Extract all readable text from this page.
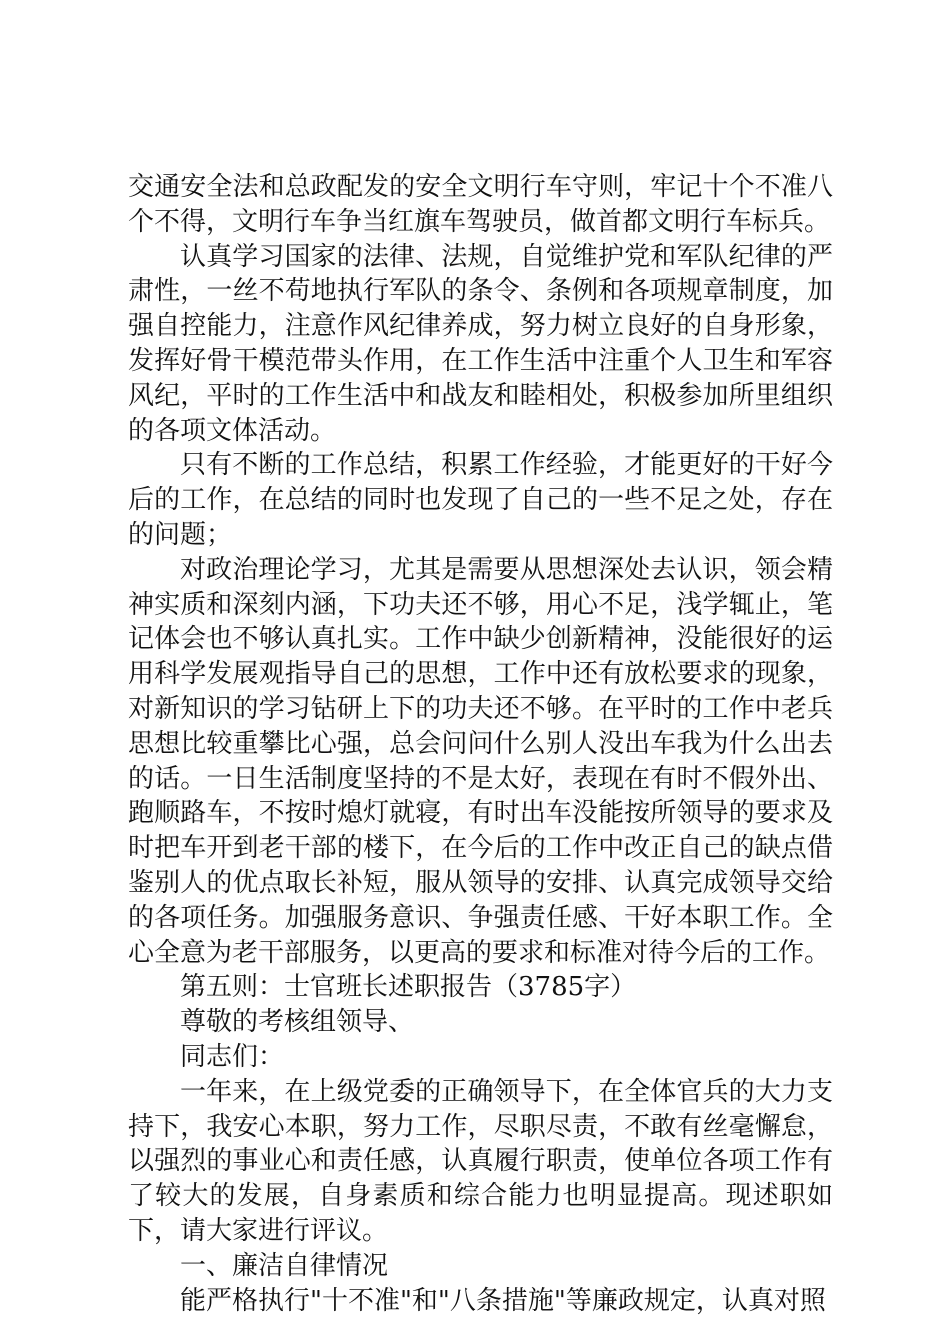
交通安全法和总政配发的安全文明行车守则，牢记十个不准八个不得，文明行车争当红旗车驾驶员，做首都文明行车标兵。

认真学习国家的法律、法规，自觉维护党和军队纪律的严肃性，一丝不苟地执行军队的条令、条例和各项规章制度，加强自控能力，注意作风纪律养成，努力树立良好的自身形象，发挥好骨干模范带头作用，在工作生活中注重个人卫生和军容风纪，平时的工作生活中和战友和睦相处，积极参加所里组织的各项文体活动。

只有不断的工作总结，积累工作经验，才能更好的干好今后的工作，在总结的同时也发现了自己的一些不足之处，存在的问题；

对政治理论学习，尤其是需要从思想深处去认识，领会精神实质和深刻内涵，下功夫还不够，用心不足，浅学辄止，笔记体会也不够认真扎实。工作中缺少创新精神，没能很好的运用科学发展观指导自己的思想，工作中还有放松要求的现象，对新知识的学习钻研上下的功夫还不够。在平时的工作中老兵思想比较重攀比心强，总会问问什么别人没出车我为什么出去的话。一日生活制度坚持的不是太好，表现在有时不假外出、跑顺路车，不按时熄灯就寝，有时出车没能按所领导的要求及时把车开到老干部的楼下，在今后的工作中改正自己的缺点借鉴别人的优点取长补短，服从领导的安排、认真完成领导交给的各项任务。加强服务意识、争强责任感、干好本职工作。全心全意为老干部服务，以更高的要求和标准对待今后的工作。

第五则：士官班长述职报告（3785字）

尊敬的考核组领导、

同志们：

一年来，在上级党委的正确领导下，在全体官兵的大力支持下，我安心本职，努力工作，尽职尽责，不敢有丝毫懈怠，以强烈的事业心和责任感，认真履行职责，使单位各项工作有了较大的发展，自身素质和综合能力也明显提高。现述职如下，请大家进行评议。

一、廉洁自律情况

能严格执行"十不准"和"八条措施"等廉政规定，认真对照
